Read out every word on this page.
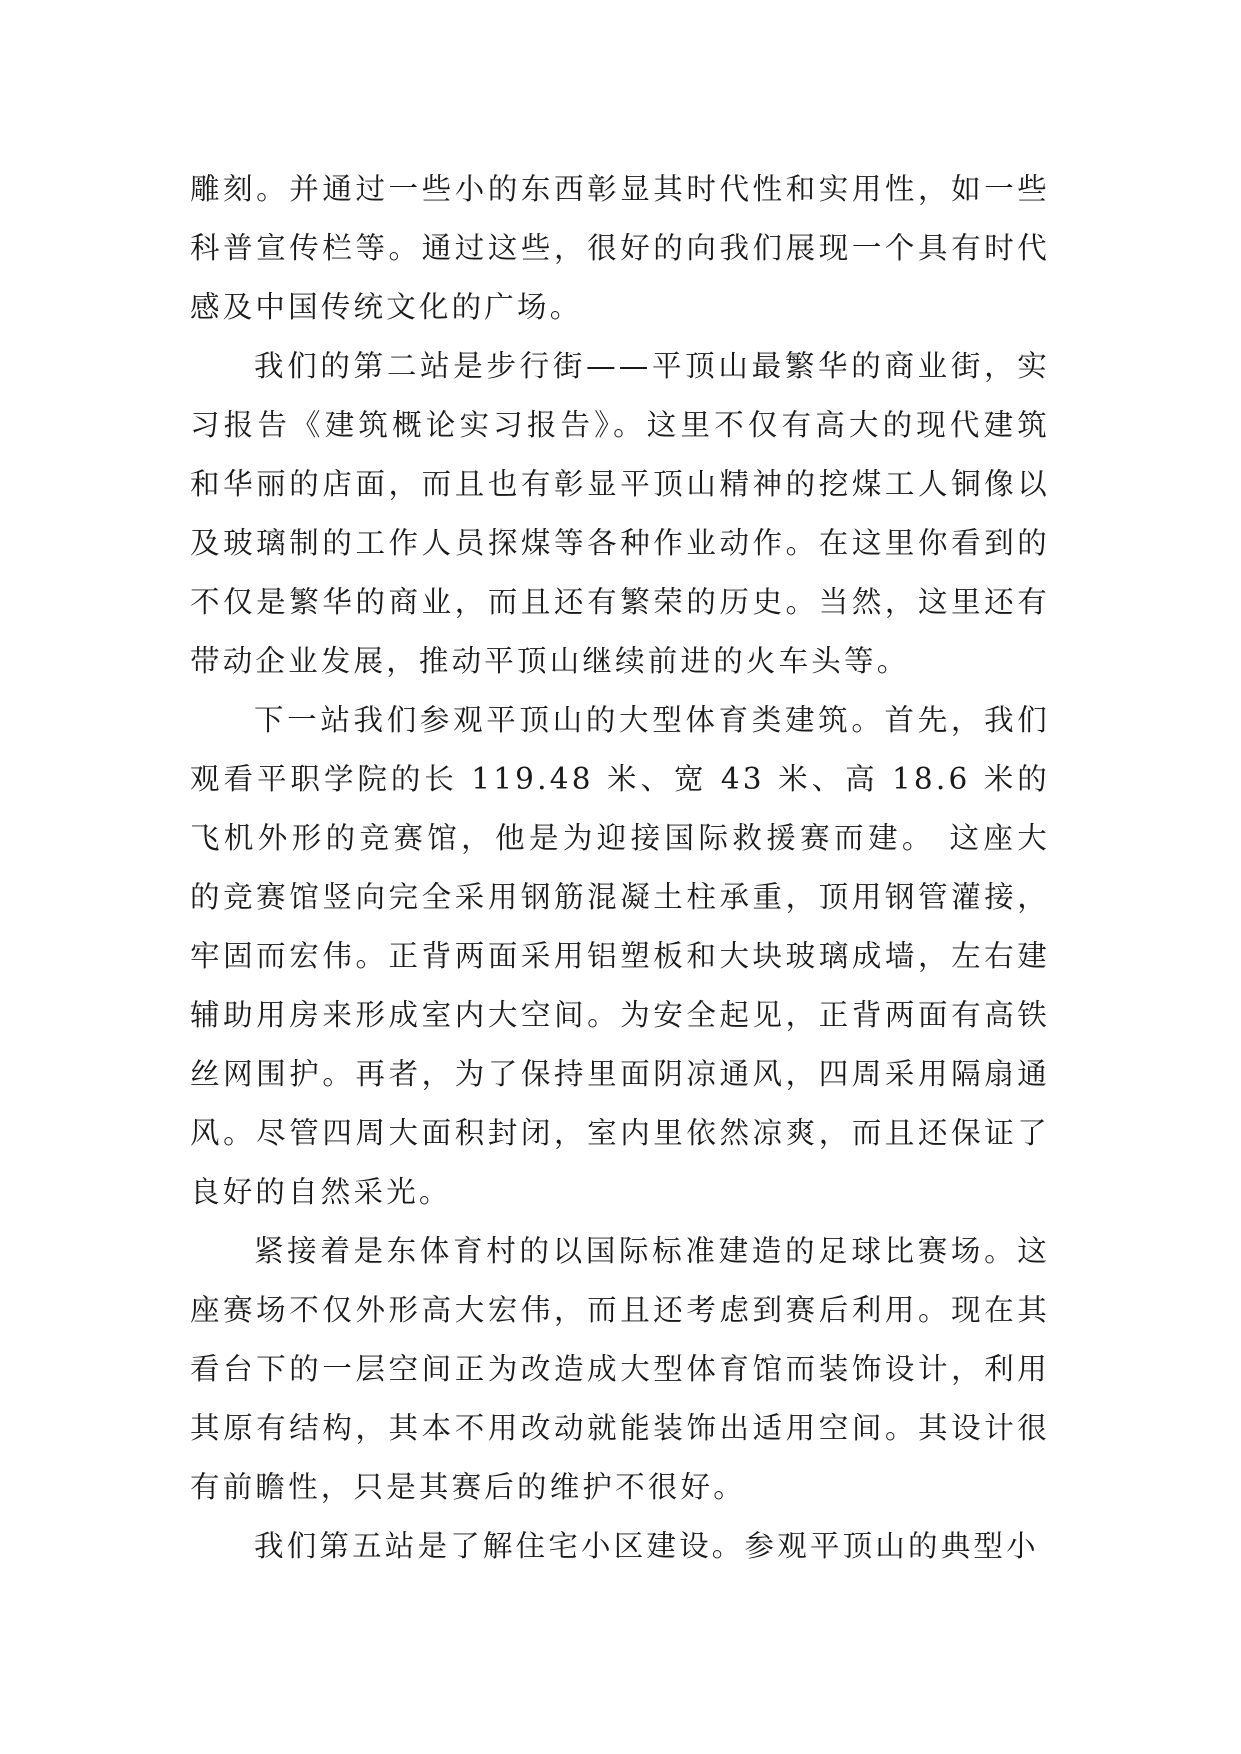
雕刻。并通过一些小的东西彰显其时代性和实用性，如一些科普宣传栏等。通过这些，很好的向我们展现一个具有时代感及中国传统文化的广场。

我们的第二站是步行街——平顶山最繁华的商业街，实习报告《建筑概论实习报告》。这里不仅有高大的现代建筑和华丽的店面，而且也有彰显平顶山精神的挖煤工人铜像以及玻璃制的工作人员探煤等各种作业动作。在这里你看到的不仅是繁华的商业，而且还有繁荣的历史。当然，这里还有带动企业发展，推动平顶山继续前进的火车头等。

下一站我们参观平顶山的大型体育类建筑。首先，我们观看平职学院的长 119.48 米、宽 43 米、高 18.6 米的飞机外形的竞赛馆，他是为迎接国际救援赛而建。 这座大的竞赛馆竖向完全采用钢筋混凝土柱承重，顶用钢管灌接，牢固而宏伟。正背两面采用铝塑板和大块玻璃成墙，左右建辅助用房来形成室内大空间。为安全起见，正背两面有高铁丝网围护。再者，为了保持里面阴凉通风，四周采用隔扇通风。尽管四周大面积封闭，室内里依然凉爽，而且还保证了良好的自然采光。

紧接着是东体育村的以国际标准建造的足球比赛场。这座赛场不仅外形高大宏伟，而且还考虑到赛后利用。现在其看台下的一层空间正为改造成大型体育馆而装饰设计，利用其原有结构，其本不用改动就能装饰出适用空间。其设计很有前瞻性，只是其赛后的维护不很好。

我们第五站是了解住宅小区建设。参观平顶山的典型小
